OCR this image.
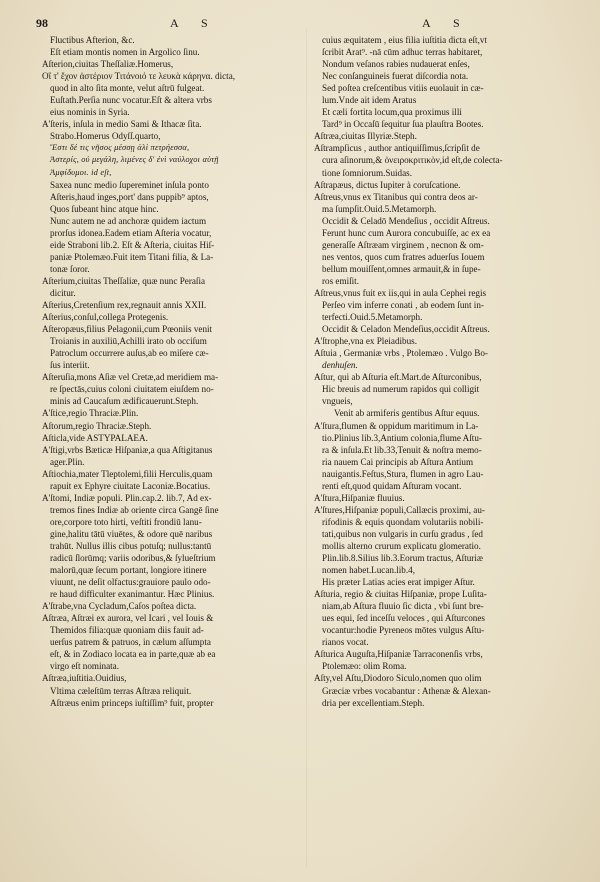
98	A S	A S
Fluctibus Afterion, &c.
Eſt etiam montis nomen in Argolico ſinu.
Aſterion,ciuitas Theſſaliæ.Homerus,
Οἵ τ' ἔχον ἀστέριον Τιτάνοιό τε λευκὰ κάρηνα. dicta,
quod in alto ſita monte, velut aſtrū fulgeat.
Euſtath.Perſia nunc vocatur.Eſt & altera vrbs
eius nominis in Syria.
A'ſteris, inſula in medio Sami & Ithacæ ſita.
Strabo.Homerus Odyſſ.quarto,
Ἔστι δέ τις νῆσος μέσσῃ ἁλὶ πετρήεσσα,
Ἀστερίς, οὐ μεγάλη, λιμένες δ' ἐνὶ ναύλοχοι αὐτῇ
Ἀμφίδυμοι. id eſt,
Saxea nunc medio ſupereminet inſula ponto
Aſteris,haud inges,port' dans puppib⁹ aptos,
Quos ſubeant hinc atque hinc.
Nunc autem ne ad anchoræ quidem iactum
prorſus idonea.Eadem etiam Aſteria vocatur,
eide Straboni lib.2. Eſt & Aſteria, ciuitas Hiſ-
paniæ Ptolemæo.Fuit item Titani filia, & La-
tonæ ſoror.
Aſterium,ciuitas Theſſaliæ, quæ nunc Peraſia
dicitur.
Aſterius,Cretenſium rex,regnauit annis XXII.
Aſterius,conſul,collega Protegenis.
Aſteropæus,filius Pelagonii,cum Pœoniis venit
Troianis in auxiliū,Achilli irato ob occiſum
Patroclum occurrere auſus,ab eo miſere cæ-
ſus interiit.
Aſteruſia,mons Aſiæ vel Cretæ,ad meridiem ma-
re ſpectās,cuius coloni ciuitatem eiuſdem no-
minis ad Caucaſum ædificauerunt.Steph.
A'ſtice,regio Thraciæ.Plin.
Aſtorum,regio Thraciæ.Steph.
Aſticla,vide ASTYPALAEA.
A'ſtigi,vrbs Bæticæ Hiſpaniæ,a qua Aſtigitanus
ager.Plin.
Aſtiochia,mater Tleptolemi,filii Herculis,quam
rapuit ex Ephyre ciuitate Laconiæ.Bocatius.
A'ſtomi, Indiæ populi. Plin.cap.2. lib.7, Ad ex-
tremos fines Indiæ ab oriente circa Gangē ſine
ore,corpore toto hirti, veſtiti frondiū lanu-
gine,halitu tātū viuētes, & odore quē naribus
trahūt. Nullus illis cibus potuſq; nullus:tantū
radicū ſlorūmq; variis odoribus,& ſylueſtrium
malorū,quæ ſecum portant, longiore itinere
viuunt, ne deſit olfactus:grauiore paulo odo-
re haud difficulter exanimantur. Hæc Plinius.
A'ſtrabe,vna Cycladum,Caſos poſtea dicta.
Aſtræa, Aſtræi ex aurora, vel Icari , vel Iouis &
Themidos filia:quæ quoniam diis fauit ad-
uerſus patrem & patruos, in cælum aſſumpta
eſt, & in Zodiaco locata ea in parte,quæ ab ea
virgo eſt nominata.
Aſtræa,iuſtitia.Ouidius,
Vltima cæleſtūm terras Aſtræa reliquit.
Aſtræus enim princeps iuſtiſſim⁹ fuit, propter
cuius æquitatem , eius filia iuſtitia dicta eſt,vt
ſcribit Arat⁹. -nā cūm adhuc terras habitaret,
Nondum veſanos rabies nudauerat enſes,
Nec conſanguineis fuerat diſcordia nota.
Sed poſtea creſcentibus vitiis euolauit in cæ-
lum.Vnde ait idem Aratus
Et cæli fortita locum,qua proximus illi
Tard⁹ in Occaſū ſequitur ſua plauſtra Bootes.
Aſtræa,ciuitas Illyriæ.Steph.
Aſtrampſicus , author antiquiſſimus,ſcripſit de
cura aſinorum,& ὀνειροκριτικὸν,id eſt,de colecta-
tione ſomniorum.Suidas.
Aſtrapæus, dictus Iupiter à coruſcatione.
Aſtreus,vnus ex Titanibus qui contra deos ar-
ma ſumpſit.Ouid.5.Metamorph.
Occidit & Celadō Mendeſius , occidit Aſtreus.
Ferunt hunc cum Aurora concubuiſſe, ac ex ea
generaſſe Aſtræam virginem , necnon & om-
nes ventos, quos cum fratres aduerſus Iouem
bellum mouiſſent,omnes armauit,& in ſupe-
ros emiſit.
Aſtreus,vnus fuit ex iis,qui in aula Cephei regis
Perſeo vim inferre conati , ab eodem ſunt in-
terfecti.Ouid.5.Metamorph.
Occidit & Celadon Mendeſius,occidit Aſtreus.
A'ſtrophe,vna ex Pleiadibus.
Aſtuia , Germaniæ vrbs , Ptolemæo . Vulgo Bo-
denhuſen.
Aſtur, qui ab Aſturia eſt.Mart.de Aſturconibus,
Hic breuis ad numerum rapidos qui colligit
vngueis,
Venit ab armiferis gentibus Aſtur equus.
A'ſtura,flumen & oppidum maritimum in La-
tio.Plinius lib.3,Antium colonia,flume Aſtu-
ra & inſula.Et lib.33,Tenuit & noſtra memo-
ria nauem Cai principis ab Aſtura Antium
nauigantis.Feſtus,Stura, flumen in agro Lau-
renti eſt,quod quidam Aſturam vocant.
A'ſtura,Hiſpaniæ fluuius.
A'ſtures,Hiſpaniæ populi,Callæcis proximi, au-
rifodinis & equis quondam volutariis nobili-
tati,quibus non vulgaris in curſu gradus , ſed
mollis alterno crurum explicatu glomeratio.
Plin.lib.8.Silius lib.3.Eorum tractus, Aſturiæ
nomen habet.Lucan.lib.4,
His præter Latias acies erat impiger Aſtur.
Aſturia, regio & ciuitas Hiſpaniæ, prope Luſita-
niam,ab Aſtura fluuio ſic dicta , vbi ſunt bre-
ues equi, ſed inceſſu veloces , qui Aſturcones
vocantur:hodie Pyreneos mōtes vulgus Aſtu-
rianos vocat.
Aſturica Auguſta,Hiſpaniæ Tarraconenſis vrbs,
Ptolemæo: olim Roma.
Aſty,vel Aſtu,Diodoro Siculo,nomen quo olim
Græciæ vrbes vocabantur : Athenæ & Alexan-
dria per excellentiam.Steph.
